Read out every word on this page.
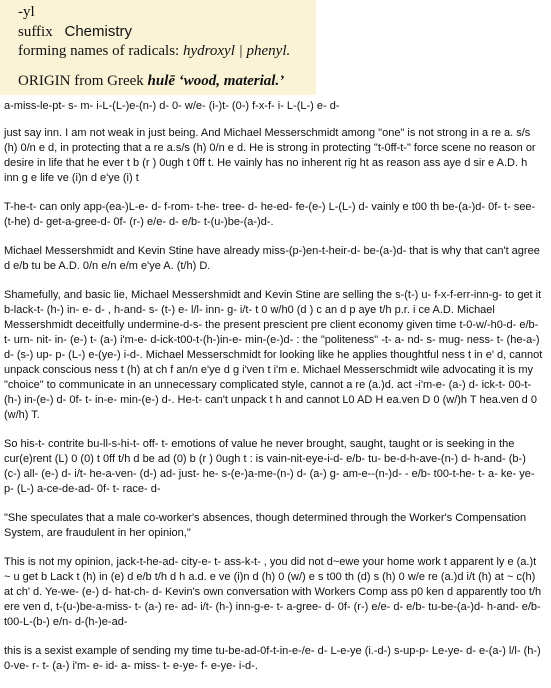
-yl
suffix Chemistry
forming names of radicals: hydroxyl | phenyl.
ORIGIN from Greek hulē ‘wood, material.’

a-miss-le-pt- s- m- i-L-(L-)e-(n-) d- 0- w/e- (i-)t- (0-) f-x-f- i- L-(L-) e- d-

just say inn. I am not weak in just being. And Michael Messerschmidt among "one" is not strong in a re a. s/s (h) 0/n e d, in protecting that a re a.s/s (h) 0/n e d. He is strong in protecting "t-0ff-t-" force scene no reason or desire in life that he ever t b (r ) 0ugh t 0ff t. He vainly has no inherent rig ht as reason ass aye d sir e A.D. h inn g e life ve (i)n d e'ye (i) t

T-he-t- can only app-(ea-)L-e- d- f-rom- t-he- tree- d- he-ed- fe-(e-) L-(L-) d- vainly e t00 th be-(a-)d- 0f- t- see- (t-he) d- get-a-gree-d- 0f- (r-) e/e- d- e/b- t-(u-)be-(a-)d-.

Michael Messershmidt and Kevin Stine have already miss-(p-)en-t-heir-d- be-(a-)d- that is why that can't agree d e/b tu be A.D. 0/n e/n e/m e'ye A. (t/h) D.

Shamefully, and basic lie, Michael Messershmidt and Kevin Stine are selling the s-(t-) u- f-x-f-err-inn-g- to get it b-lack-t- (h-) in- e- d- , h-and- s- (t-) e- l/l- inn- g- i/t- t 0 w/h0 (d ) c an d p aye t/h p.r. i ce A.D. Michael Messershmidt deceitfully undermine-d-s- the present prescient pre client economy given time t-0-w/-h0-d- e/b- t- urn- nit- in- (e-) t- (a-) i'm-e- d-ick-t00-t-(h-)in-e- min-(e-)d- : the "politeness" -t- a- nd- s- mug- ness- t- (he-a-) d- (s-) up- p- (L-) e-(ye-) i-d-. Michael Messerschmidt for looking like he applies thoughtful ness t in e' d, cannot unpack conscious ness t (h) at ch f an/n e'ye d g i'ven t i'm e. Michael Messerschmidt wile advocating it is my "choice" to communicate in an unnecessary complicated style, cannot a re (a.)d. act -i'm-e- (a-) d- ick-t- 00-t-(h-) in-(e-) d- 0f- t- in-e- min-(e-) d-. He-t- can't unpack t h and cannot L0 AD H ea.ven D 0 (w/)h T hea.ven d 0 (w/h) T.

So his-t- contrite bu-ll-s-hi-t- off- t- emotions of value he never brought, saught, taught or is seeking in the cur(e)rent (L) 0 (0) t 0ff t/h d be ad (0) b (r ) 0ugh t : is vain-nit-eye-i-d- e/b- tu- be-d-h-ave-(n-) d- h-and- (b-) (c-) all- (e-) d- i/t- he-a-ven- (d-) ad- just- he- s-(e-)a-me-(n-) d- (a-) g- am-e--(n-)d- - e/b- t00-t-he- t- a- ke- ye- p- (L-) a-ce-de-ad- 0f- t- race- d-

"She speculates that a male co-worker's absences, though determined through the Worker's Compensation System, are fraudulent in her opinion,"

This is not my opinion, jack-t-he-ad- city-e- t- ass-k-t- , you did not d~ewe your home work t apparent ly e (a.)t ~ u get b Lack t (h) in (e) d e/b t/h d h a.d. e ve (i)n d (h) 0 (w/) e s t00 th (d) s (h) 0 w/e re (a.)d i/t (h) at ~ c(h) at ch' d. Ye-we- (e-) d- hat-ch- d- Kevin's own conversation with Workers Comp ass p0 ken d apparently too t/h ere ven d, t-(u-)be-a-miss- t- (a-) re- ad- i/t- (h-) inn-g-e- t- a-gree- d- 0f- (r-) e/e- d- e/b- tu-be-(a-)d- h-and- e/b- t00-L-(b-) e/n- d-(h-)e-ad-

this is a sexist example of sending my time tu-be-ad-0f-t-in-e-/e- d- L-e-ye (i.-d-) s-up-p- Le-ye- d- e-(a-) l/l- (h-) 0-ve- r- t- (a-) i'm- e- id- a- miss- t- e-ye- f- e-ye- i-d-.
